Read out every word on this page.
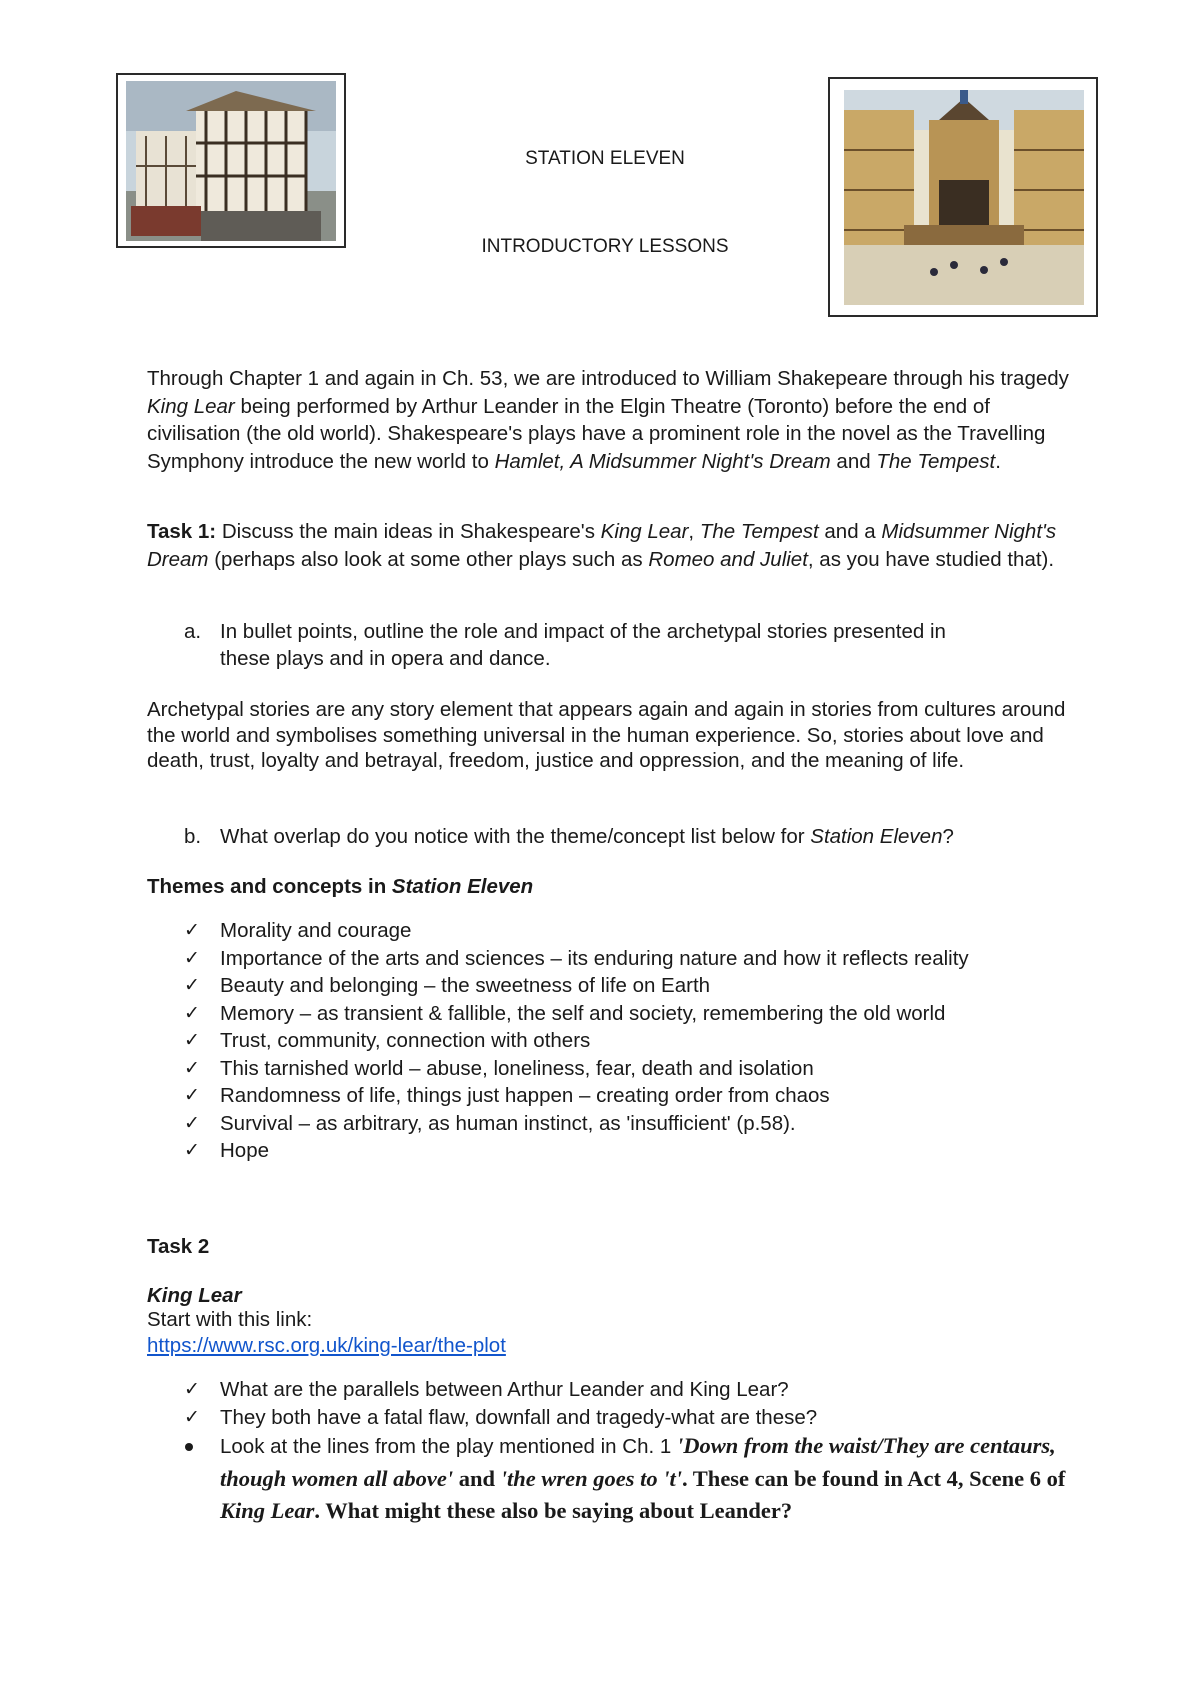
STATION ELEVEN
INTRODUCTORY LESSONS
Through Chapter 1 and again in Ch. 53, we are introduced to William Shakepeare through his tragedy King Lear being performed by Arthur Leander in the Elgin Theatre (Toronto) before the end of civilisation (the old world). Shakespeare's plays have a prominent role in the novel as the Travelling Symphony introduce the new world to Hamlet, A Midsummer Night's Dream and The Tempest.
Task 1: Discuss the main ideas in Shakespeare's King Lear, The Tempest and a Midsummer Night's Dream (perhaps also look at some other plays such as Romeo and Juliet, as you have studied that).
a. In bullet points, outline the role and impact of the archetypal stories presented in
these plays and in opera and dance.
Archetypal stories are any story element that appears again and again in stories from cultures around the world and symbolises something universal in the human experience. So, stories about love and death, trust, loyalty and betrayal, freedom, justice and oppression, and the meaning of life.
b. What overlap do you notice with the theme/concept list below for Station Eleven?
Themes and concepts in Station Eleven
✓ Morality and courage
✓ Importance of the arts and sciences – its enduring nature and how it reflects reality
✓ Beauty and belonging – the sweetness of life on Earth
✓ Memory – as transient & fallible, the self and society, remembering the old world
✓ Trust, community, connection with others
✓ This tarnished world – abuse, loneliness, fear, death and isolation
✓ Randomness of life, things just happen – creating order from chaos
✓ Survival – as arbitrary, as human instinct, as 'insufficient' (p.58).
✓ Hope
Task 2
King Lear
Start with this link:
https://www.rsc.org.uk/king-lear/the-plot
✓ What are the parallels between Arthur Leander and King Lear?
✓ They both have a fatal flaw, downfall and tragedy-what are these?
Look at the lines from the play mentioned in Ch. 1 'Down from the waist/They are centaurs, though women all above' and 'the wren goes to 't'. These can be found in Act 4, Scene 6 of King Lear. What might these also be saying about Leander?
